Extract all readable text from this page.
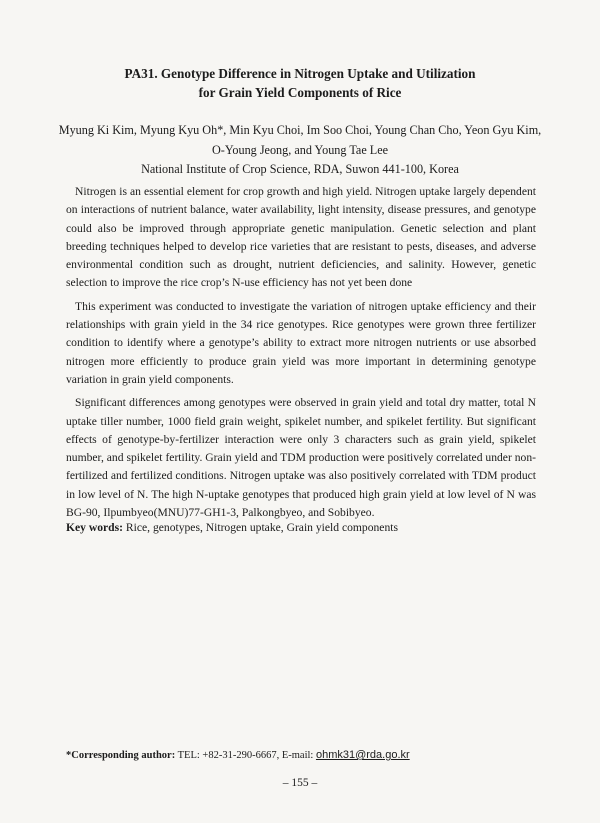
PA31. Genotype Difference in Nitrogen Uptake and Utilization
for Grain Yield Components of Rice
Myung Ki Kim, Myung Kyu Oh*, Min Kyu Choi, Im Soo Choi, Young Chan Cho, Yeon Gyu Kim,
O-Young Jeong, and Young Tae Lee
National Institute of Crop Science, RDA, Suwon 441-100, Korea

Nitrogen is an essential element for crop growth and high yield. Nitrogen uptake largely dependent on interactions of nutrient balance, water availability, light intensity, disease pressures, and genotype could also be improved through appropriate genetic manipulation. Genetic selection and plant breeding techniques helped to develop rice varieties that are resistant to pests, diseases, and adverse environmental condition such as drought, nutrient deficiencies, and salinity. However, genetic selection to improve the rice crop’s N-use efficiency has not yet been done

This experiment was conducted to investigate the variation of nitrogen uptake efficiency and their relationships with grain yield in the 34 rice genotypes. Rice genotypes were grown three fertilizer condition to identify where a genotype’s ability to extract more nitrogen nutrients or use absorbed nitrogen more efficiently to produce grain yield was more important in determining genotype variation in grain yield components.

Significant differences among genotypes were observed in grain yield and total dry matter, total N uptake tiller number, 1000 field grain weight, spikelet number, and spikelet fertility. But significant effects of genotype-by-fertilizer interaction were only 3 characters such as grain yield, spikelet number, and spikelet fertility. Grain yield and TDM production were positively correlated under non-fertilized and fertilized conditions. Nitrogen uptake was also positively correlated with TDM product in low level of N. The high N-uptake genotypes that produced high grain yield at low level of N was BG-90, Ilpumbyeo(MNU)77-GH1-3, Palkongbyeo, and Sobibyeo.

Key words: Rice, genotypes, Nitrogen uptake, Grain yield components
*Corresponding author: TEL: +82-31-290-6667, E-mail: ohmk31@rda.go.kr
– 155 –
